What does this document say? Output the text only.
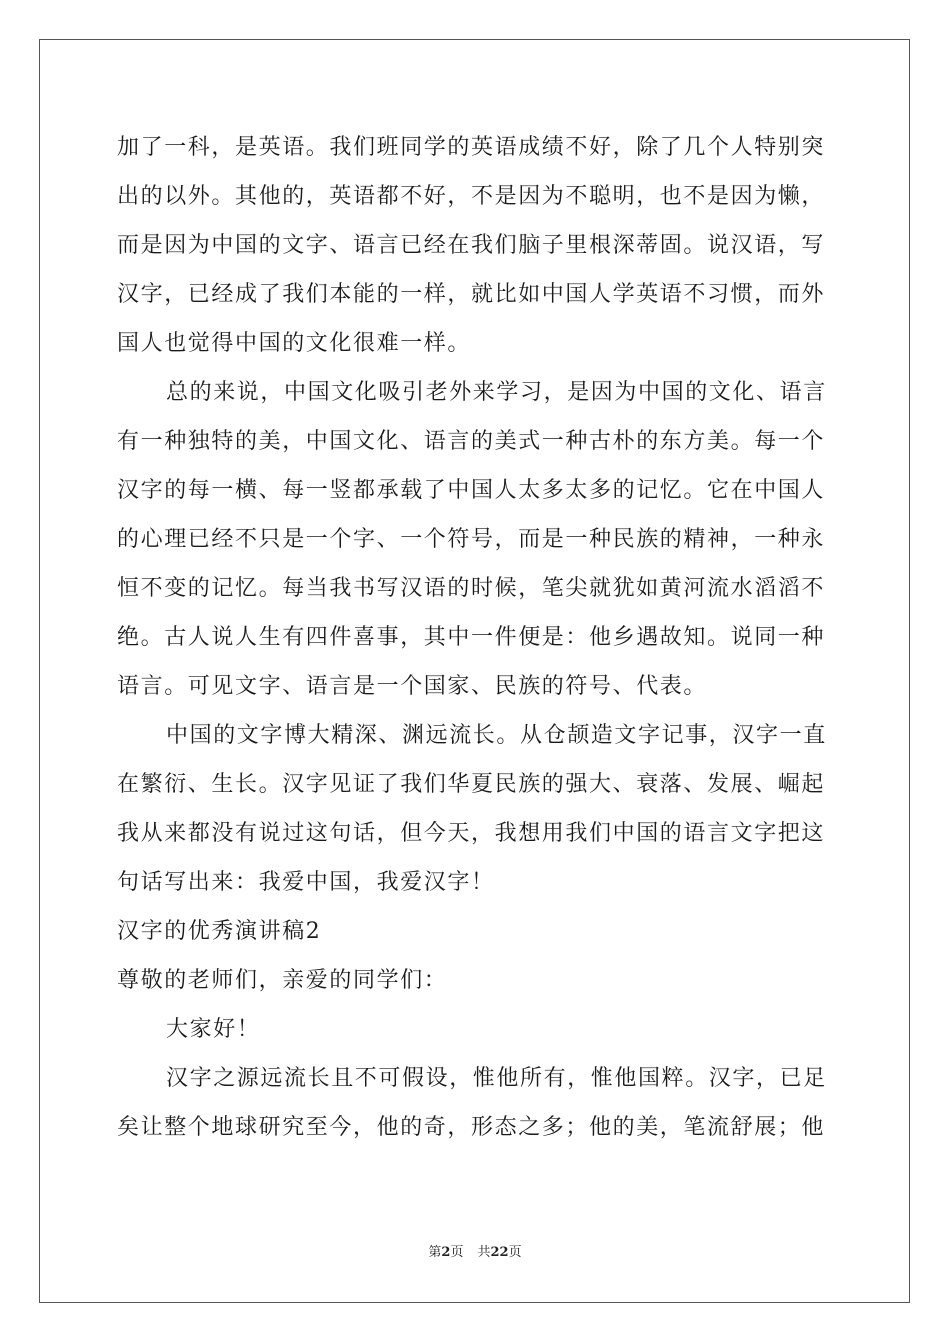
加了一科，是英语。我们班同学的英语成绩不好，除了几个人特别突
出的以外。其他的，英语都不好，不是因为不聪明，也不是因为懒，
而是因为中国的文字、语言已经在我们脑子里根深蒂固。说汉语，写
汉字，已经成了我们本能的一样，就比如中国人学英语不习惯，而外
国人也觉得中国的文化很难一样。
总的来说，中国文化吸引老外来学习，是因为中国的文化、语言
有一种独特的美，中国文化、语言的美式一种古朴的东方美。每一个
汉字的每一横、每一竖都承载了中国人太多太多的记忆。它在中国人
的心理已经不只是一个字、一个符号，而是一种民族的精神，一种永
恒不变的记忆。每当我书写汉语的时候，笔尖就犹如黄河流水滔滔不
绝。古人说人生有四件喜事，其中一件便是：他乡遇故知。说同一种
语言。可见文字、语言是一个国家、民族的符号、代表。
中国的文字博大精深、渊远流长。从仓颉造文字记事，汉字一直
在繁衍、生长。汉字见证了我们华夏民族的强大、衰落、发展、崛起
我从来都没有说过这句话，但今天，我想用我们中国的语言文字把这
句话写出来：我爱中国，我爱汉字！
汉字的优秀演讲稿2
尊敬的老师们，亲爱的同学们：
大家好！
汉字之源远流长且不可假设，惟他所有，惟他国粹。汉字，已足
矣让整个地球研究至今，他的奇，形态之多；他的美，笔流舒展；他
第2页 共22页
